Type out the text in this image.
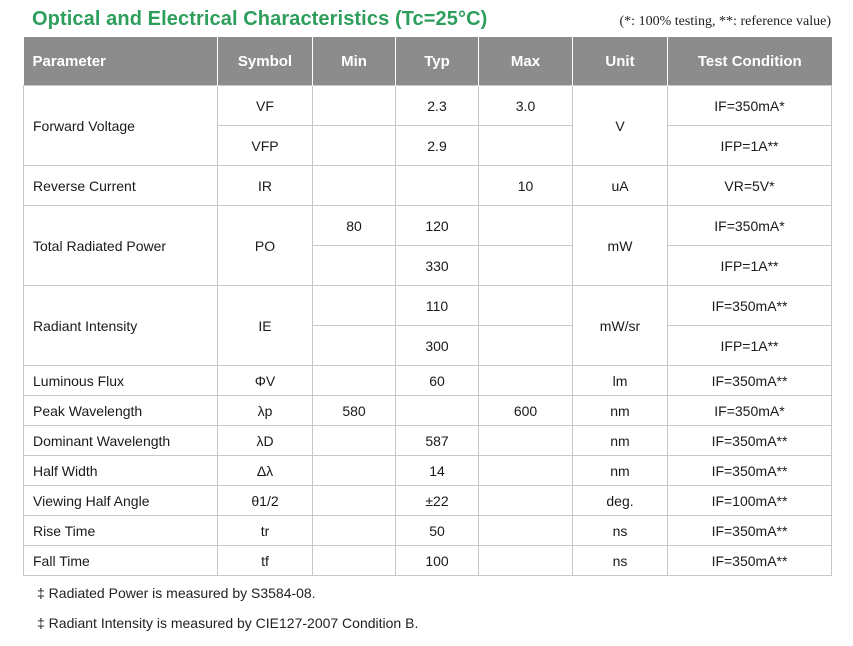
Optical and Electrical Characteristics (Tc=25°C)	(*: 100% testing, **: reference value)
Parameter	Symbol	Min	Typ	Max	Unit	Test Condition
Forward Voltage	VF		2.3	3.0	V	IF=350mA*
	VFP		2.9			IFP=1A**
Reverse Current	IR			10	uA	VR=5V*
Total Radiated Power	PO	80	120		mW	IF=350mA*
			330			IFP=1A**
Radiant Intensity	IE		110		mW/sr	IF=350mA**
			300			IFP=1A**
Luminous Flux	ΦV		60		lm	IF=350mA**
Peak Wavelength	λp	580		600	nm	IF=350mA*
Dominant Wavelength	λD		587		nm	IF=350mA**
Half Width	Δλ		14		nm	IF=350mA**
Viewing Half Angle	θ1/2		±22		deg.	IF=100mA**
Rise Time	tr		50		ns	IF=350mA**
Fall Time	tf		100		ns	IF=350mA**
‡ Radiated Power is measured by S3584-08.
‡ Radiant Intensity is measured by CIE127-2007 Condition B.
